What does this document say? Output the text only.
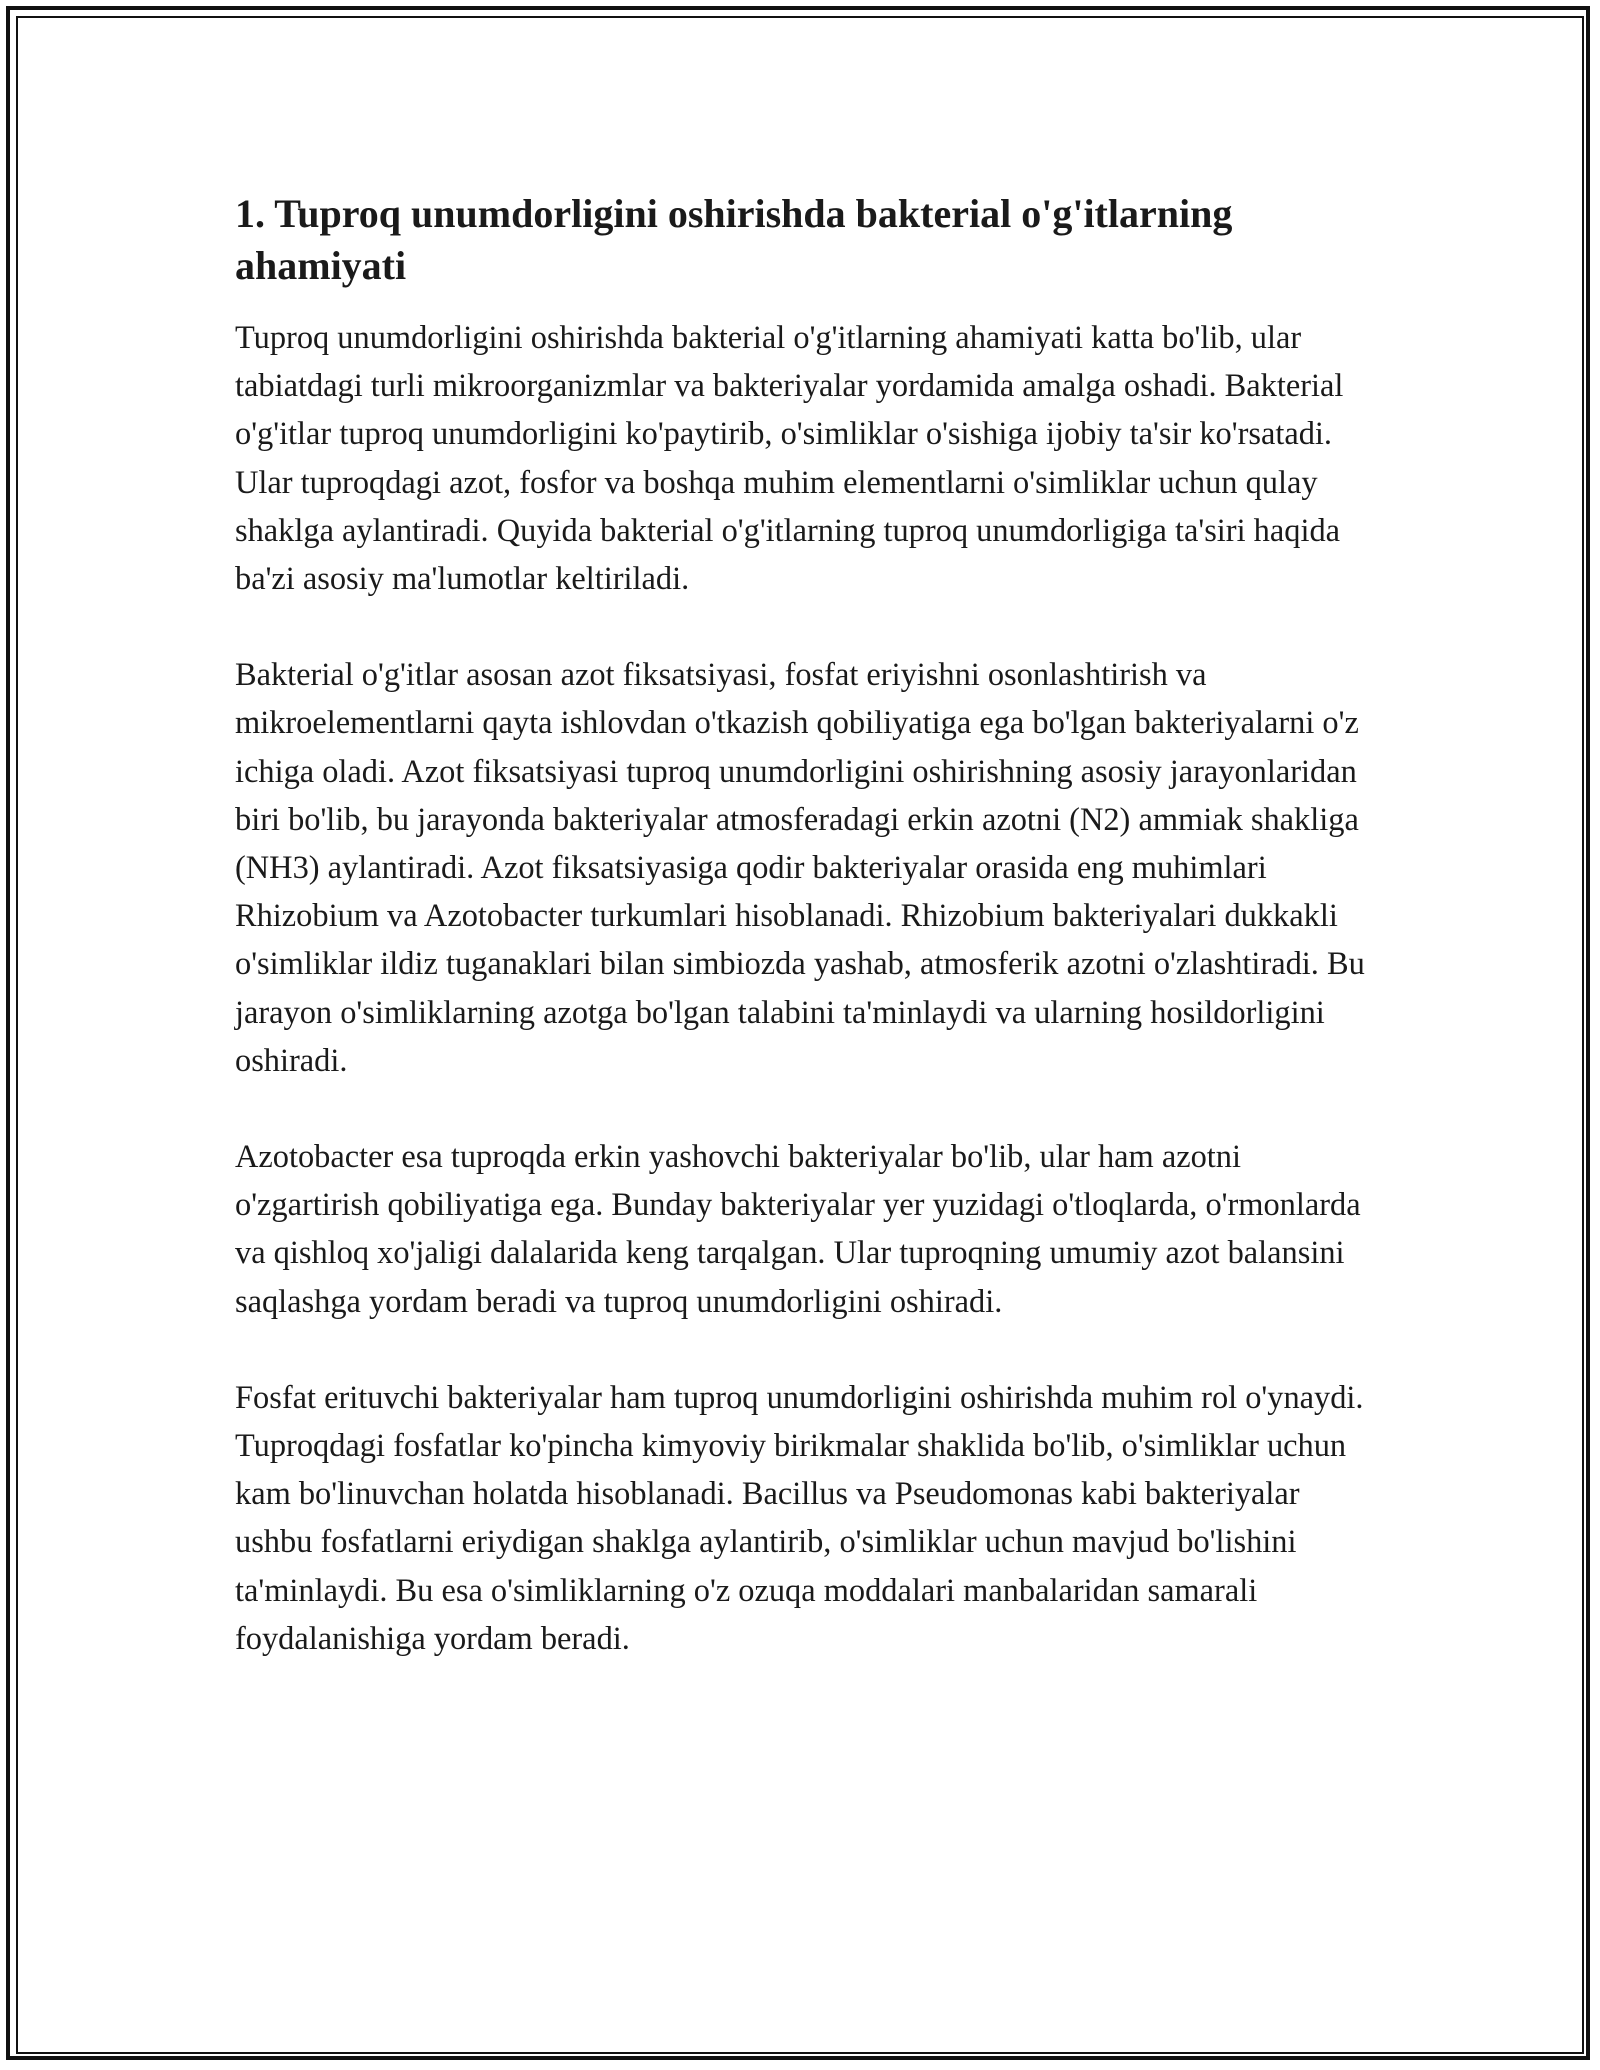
1. Tuproq unumdorligini oshirishda bakterial o'g'itlarning ahamiyati

Tuproq unumdorligini oshirishda bakterial o'g'itlarning ahamiyati katta bo'lib, ular tabiatdagi turli mikroorganizmlar va bakteriyalar yordamida amalga oshadi. Bakterial o'g'itlar tuproq unumdorligini ko'paytirib, o'simliklar o'sishiga ijobiy ta'sir ko'rsatadi. Ular tuproqdagi azot, fosfor va boshqa muhim elementlarni o'simliklar uchun qulay shaklga aylantiradi. Quyida bakterial o'g'itlarning tuproq unumdorligiga ta'siri haqida ba'zi asosiy ma'lumotlar keltiriladi.

Bakterial o'g'itlar asosan azot fiksatsiyasi, fosfat eriyishni osonlashtirish va mikroelementlarni qayta ishlovdan o'tkazish qobiliyatiga ega bo'lgan bakteriyalarni o'z ichiga oladi. Azot fiksatsiyasi tuproq unumdorligini oshirishning asosiy jarayonlaridan biri bo'lib, bu jarayonda bakteriyalar atmosferadagi erkin azotni (N2) ammiak shakliga (NH3) aylantiradi. Azot fiksatsiyasiga qodir bakteriyalar orasida eng muhimlari Rhizobium va Azotobacter turkumlari hisoblanadi. Rhizobium bakteriyalari dukkakli o'simliklar ildiz tuganaklari bilan simbiozda yashab, atmosferik azotni o'zlashtiradi. Bu jarayon o'simliklarning azotga bo'lgan talabini ta'minlaydi va ularning hosildorligini oshiradi.

Azotobacter esa tuproqda erkin yashovchi bakteriyalar bo'lib, ular ham azotni o'zgartirish qobiliyatiga ega. Bunday bakteriyalar yer yuzidagi o'tloqlarda, o'rmonlarda va qishloq xo'jaligi dalalarida keng tarqalgan. Ular tuproqning umumiy azot balansini saqlashga yordam beradi va tuproq unumdorligini oshiradi.

Fosfat erituvchi bakteriyalar ham tuproq unumdorligini oshirishda muhim rol o'ynaydi. Tuproqdagi fosfatlar ko'pincha kimyoviy birikmalar shaklida bo'lib, o'simliklar uchun kam bo'linuvchan holatda hisoblanadi. Bacillus va Pseudomonas kabi bakteriyalar ushbu fosfatlarni eriydigan shaklga aylantirib, o'simliklar uchun mavjud bo'lishini ta'minlaydi. Bu esa o'simliklarning o'z ozuqa moddalari manbalaridan samarali foydalanishiga yordam beradi.
